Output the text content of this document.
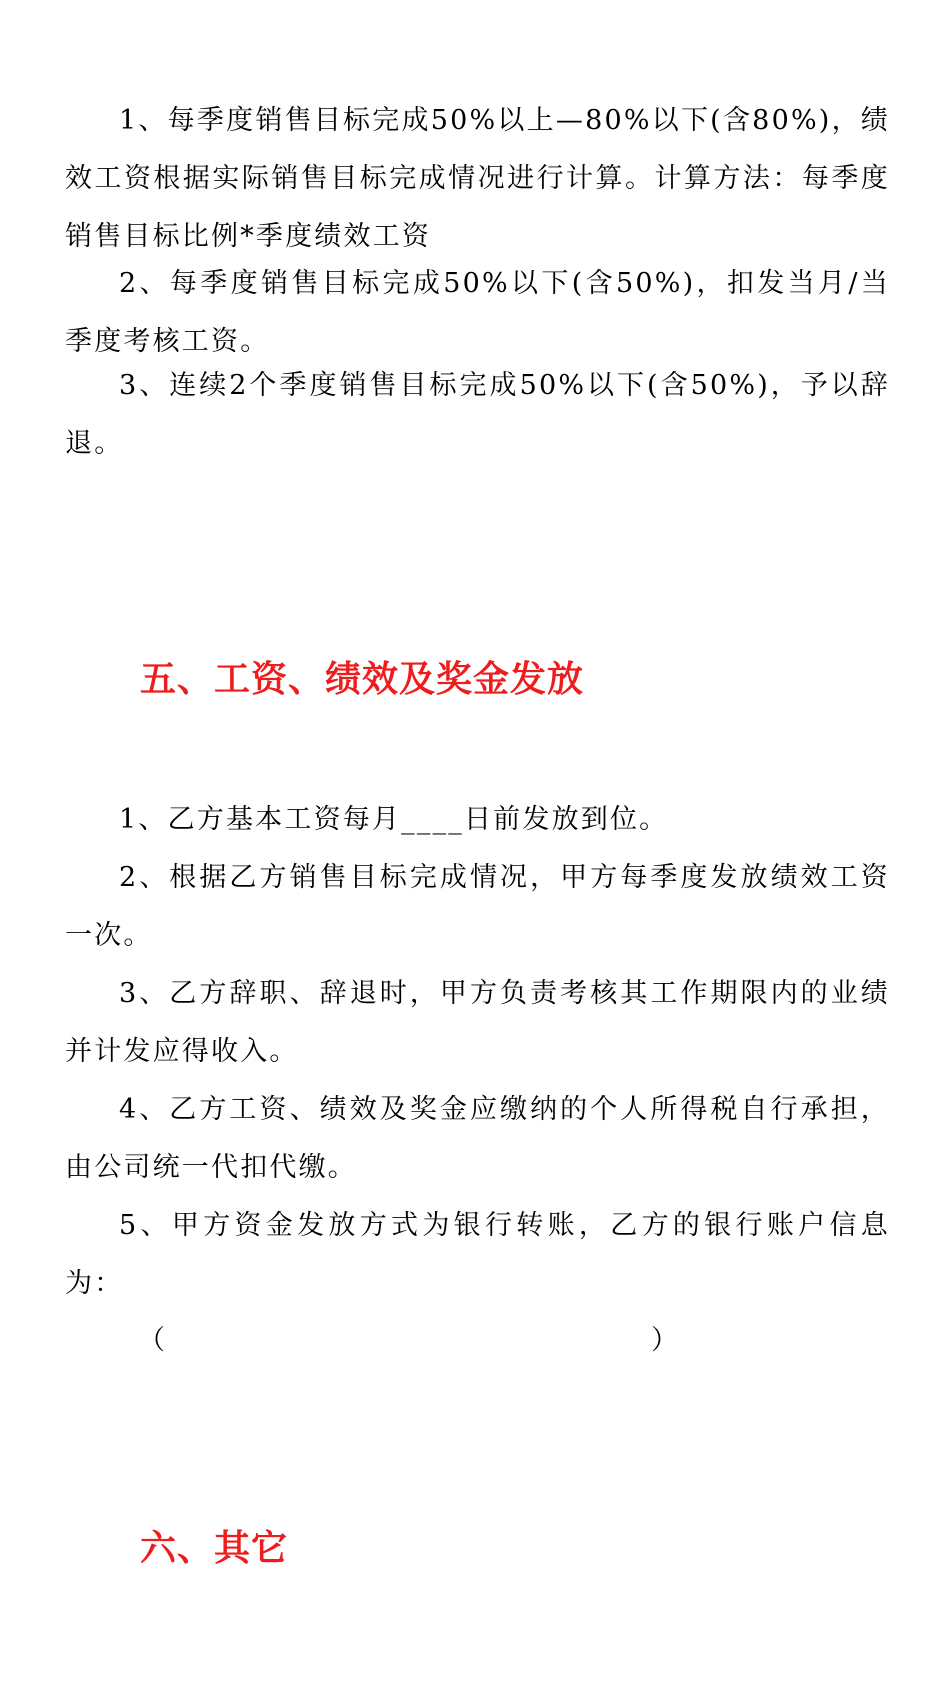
1、每季度销售目标完成50%以上—80%以下(含80%)，绩效工资根据实际销售目标完成情况进行计算。计算方法：每季度销售目标比例*季度绩效工资

2、每季度销售目标完成50%以下(含50%)，扣发当月/当季度考核工资。

3、连续2个季度销售目标完成50%以下(含50%)，予以辞退。

五、工资、绩效及奖金发放

1、乙方基本工资每月____日前发放到位。

2、根据乙方销售目标完成情况，甲方每季度发放绩效工资一次。

3、乙方辞职、辞退时，甲方负责考核其工作期限内的业绩并计发应得收入。

4、乙方工资、绩效及奖金应缴纳的个人所得税自行承担，由公司统一代扣代缴。

5、甲方资金发放方式为银行转账，乙方的银行账户信息为：

（	）
六、其它
